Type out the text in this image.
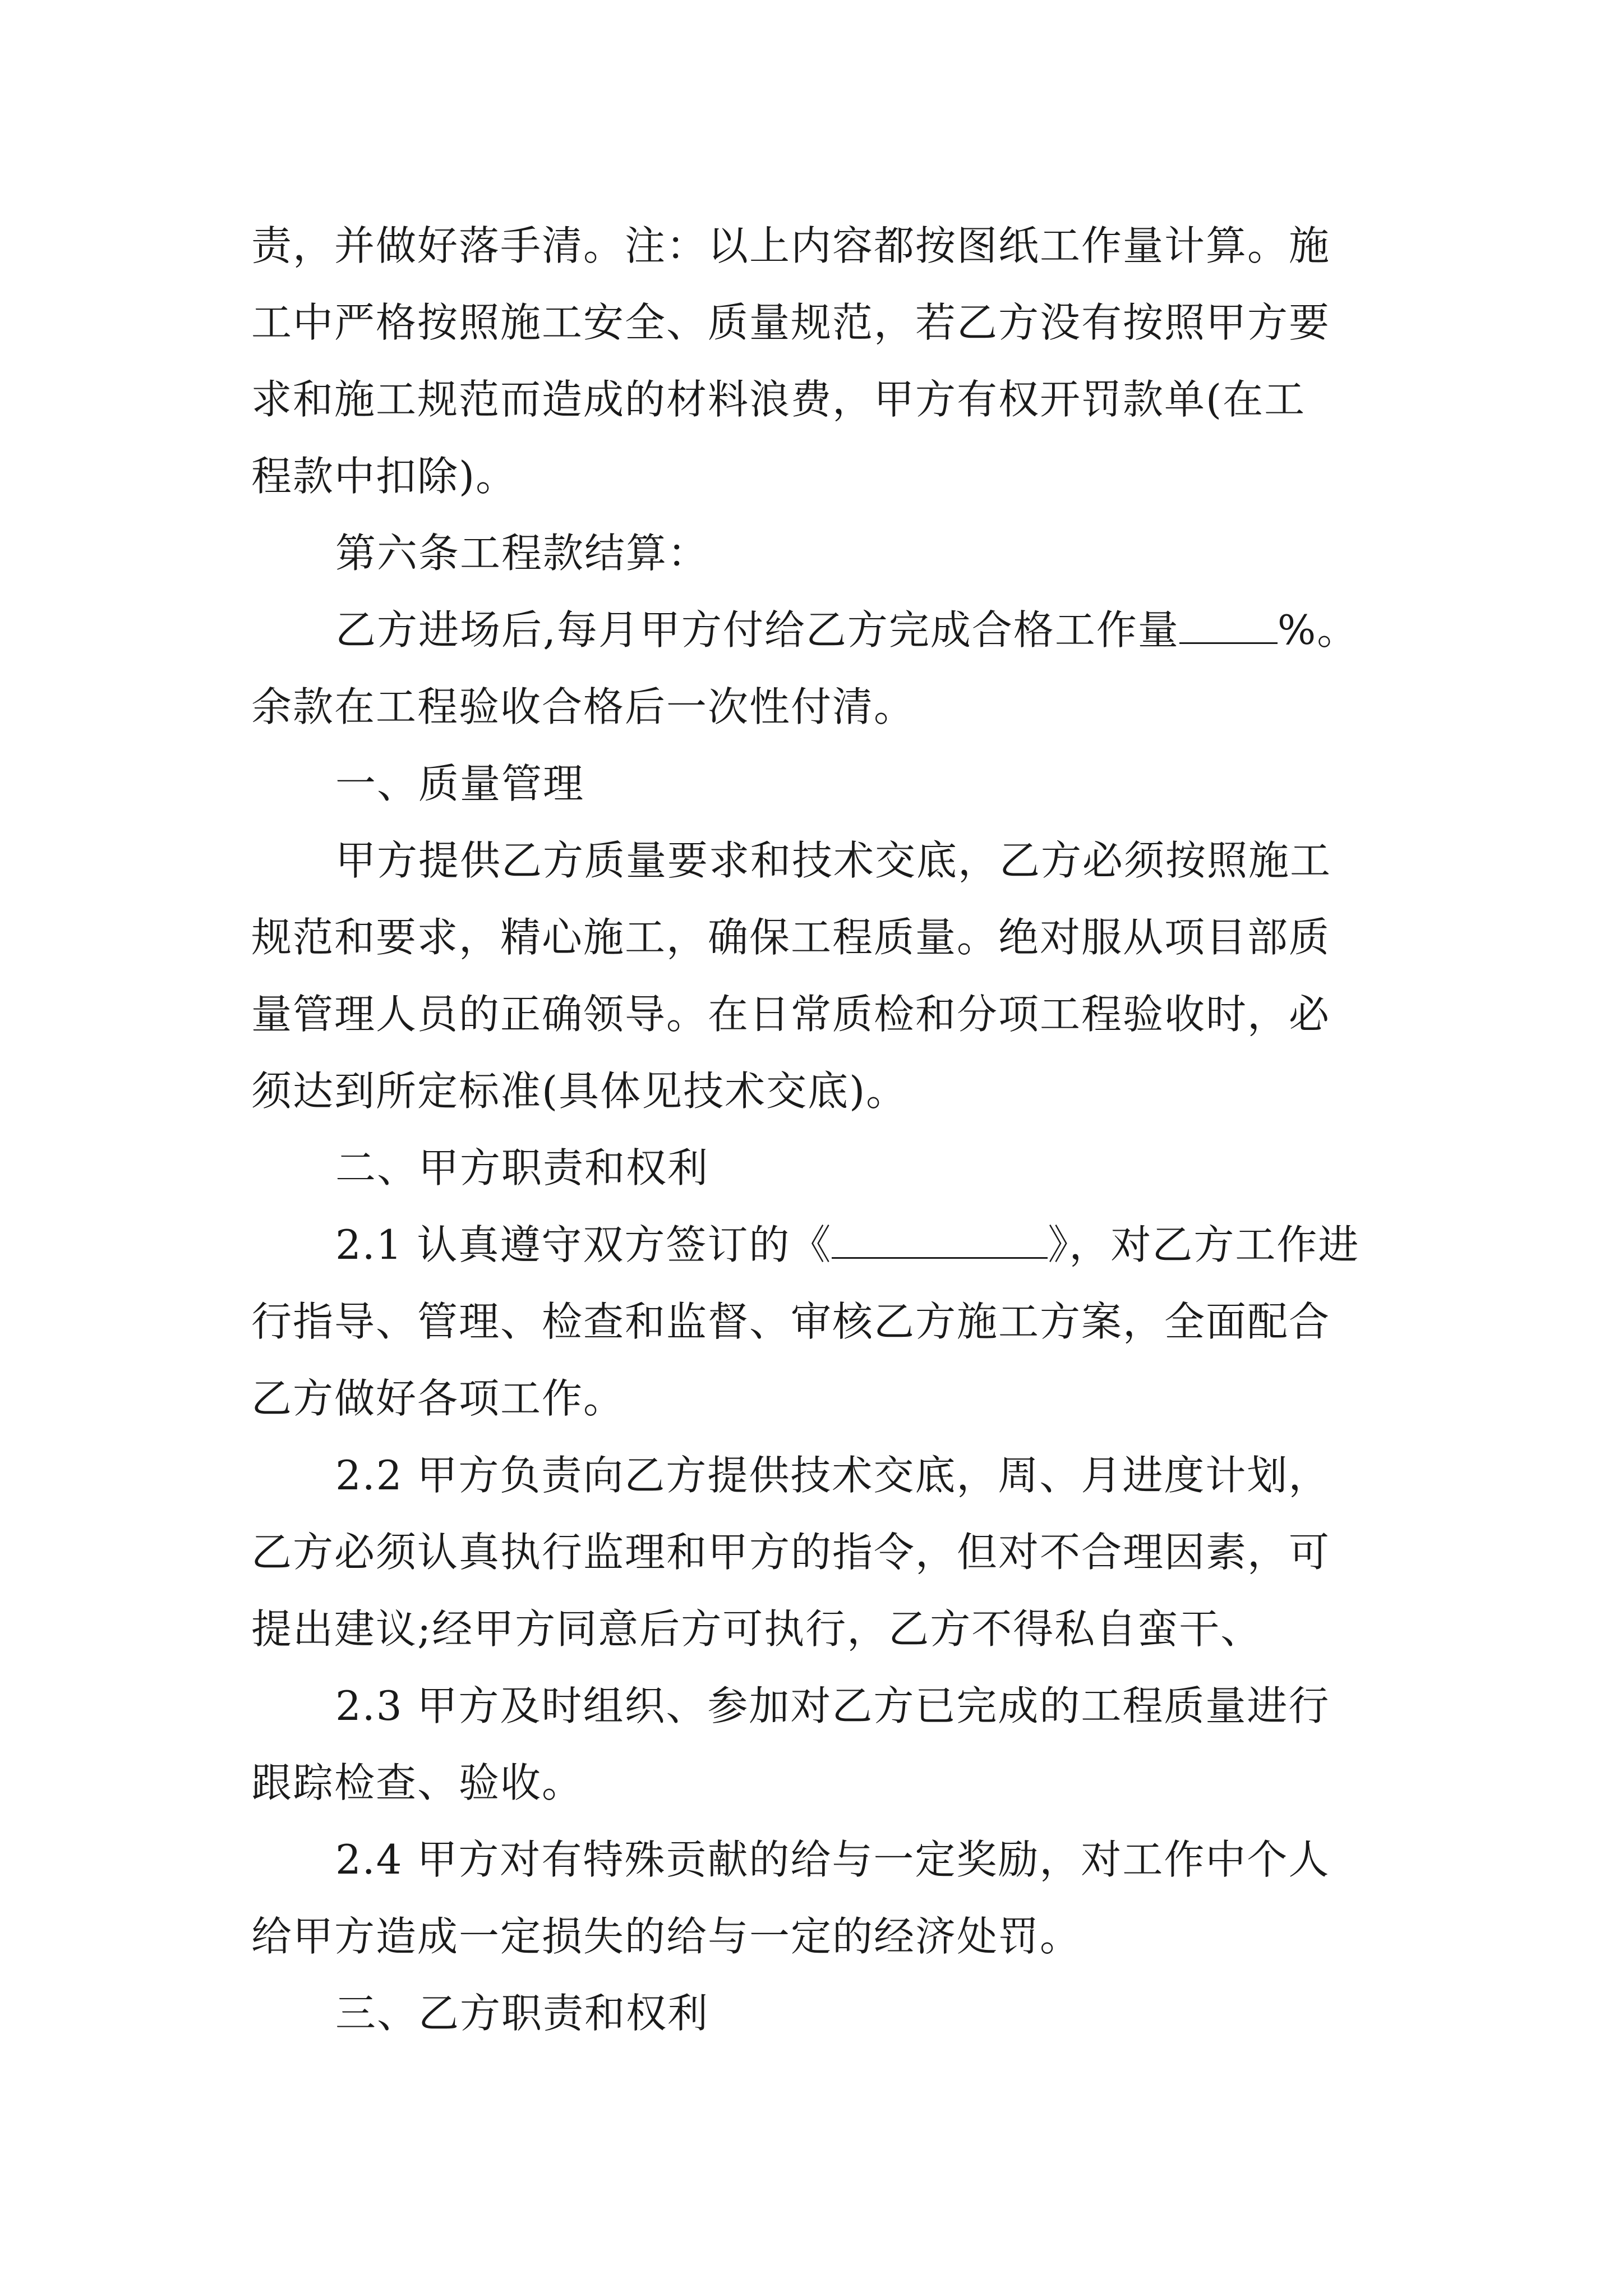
责，并做好落手清。注：以上内容都按图纸工作量计算。施
工中严格按照施工安全、质量规范，若乙方没有按照甲方要
求和施工规范而造成的材料浪费，甲方有权开罚款单(在工
程款中扣除)。
第六条工程款结算：
乙方进场后,每月甲方付给乙方完成合格工作量 %。
余款在工程验收合格后一次性付清。
一、质量管理
甲方提供乙方质量要求和技术交底，乙方必须按照施工
规范和要求，精心施工，确保工程质量。绝对服从项目部质
量管理人员的正确领导。在日常质检和分项工程验收时，必
须达到所定标准(具体见技术交底)。
二、甲方职责和权利
2.1 认真遵守双方签订的《	》，对乙方工作进
行指导、管理、检查和监督、审核乙方施工方案，全面配合
乙方做好各项工作。
2.2 甲方负责向乙方提供技术交底，周、月进度计划，
乙方必须认真执行监理和甲方的指令，但对不合理因素，可
提出建议;经甲方同意后方可执行，乙方不得私自蛮干、
2.3 甲方及时组织、参加对乙方已完成的工程质量进行
跟踪检查、验收。
2.4 甲方对有特殊贡献的给与一定奖励，对工作中个人
给甲方造成一定损失的给与一定的经济处罚。
三、乙方职责和权利
